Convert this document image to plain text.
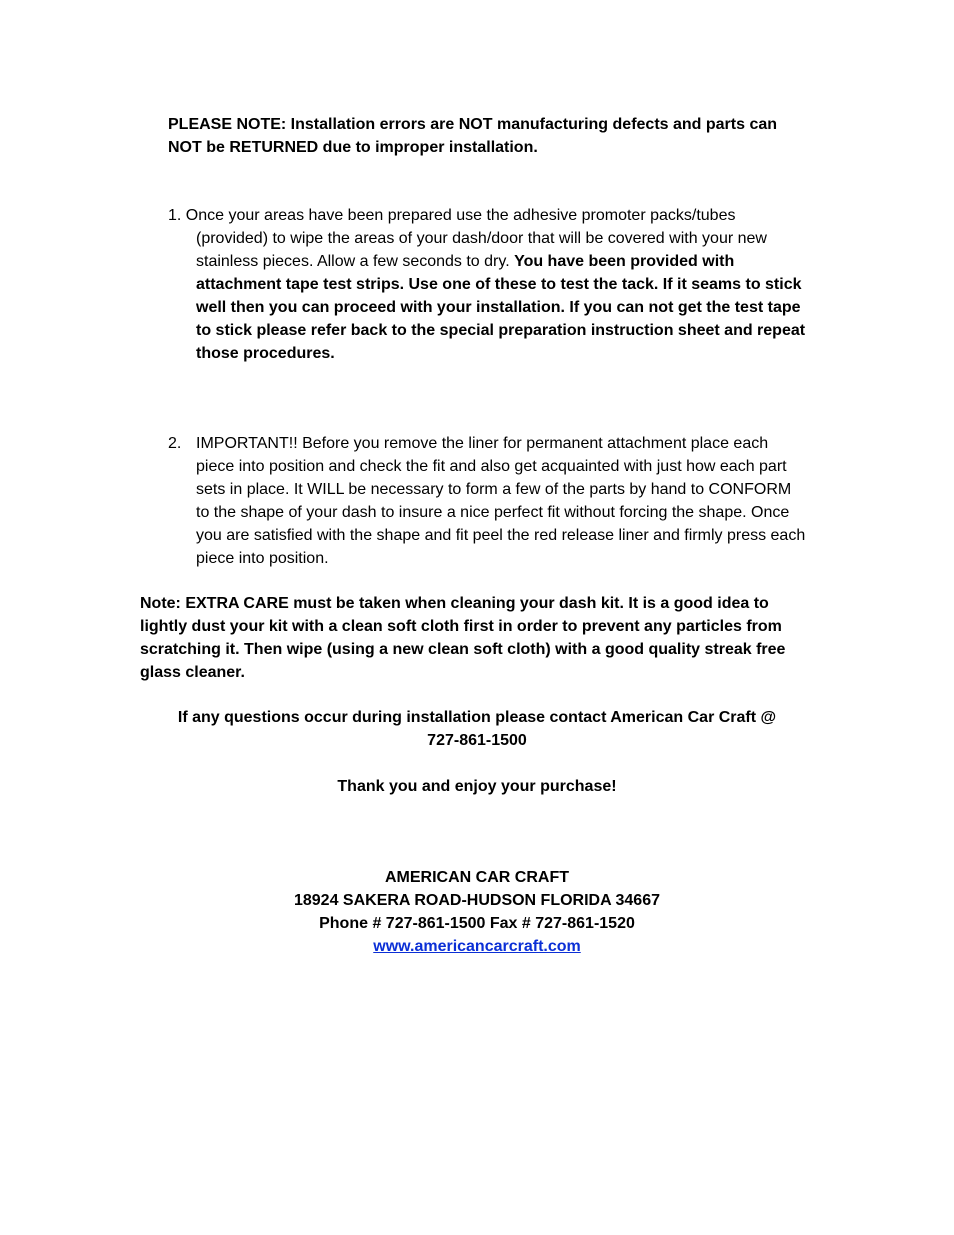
PLEASE NOTE: Installation errors are NOT manufacturing defects and parts can NOT be RETURNED due to improper installation.

1. Once your areas have been prepared use the adhesive promoter packs/tubes (provided) to wipe the areas of your dash/door that will be covered with your new stainless pieces. Allow a few seconds to dry. You have been provided with attachment tape test strips. Use one of these to test the tack. If it seams to stick well then you can proceed with your installation. If you can not get the test tape to stick please refer back to the special preparation instruction sheet and repeat those procedures.
2. IMPORTANT!! Before you remove the liner for permanent attachment place each piece into position and check the fit and also get acquainted with just how each part sets in place. It WILL be necessary to form a few of the parts by hand to CONFORM to the shape of your dash to insure a nice perfect fit without forcing the shape. Once you are satisfied with the shape and fit peel the red release liner and firmly press each piece into position.

Note: EXTRA CARE must be taken when cleaning your dash kit. It is a good idea to lightly dust your kit with a clean soft cloth first in order to prevent any particles from scratching it. Then wipe (using a new clean soft cloth) with a good quality streak free glass cleaner.

If any questions occur during installation please contact American Car Craft @
727-861-1500
Thank you and enjoy your purchase!
AMERICAN CAR CRAFT
18924 SAKERA ROAD-HUDSON FLORIDA 34667
Phone # 727-861-1500 Fax # 727-861-1520
www.americancarcraft.com
